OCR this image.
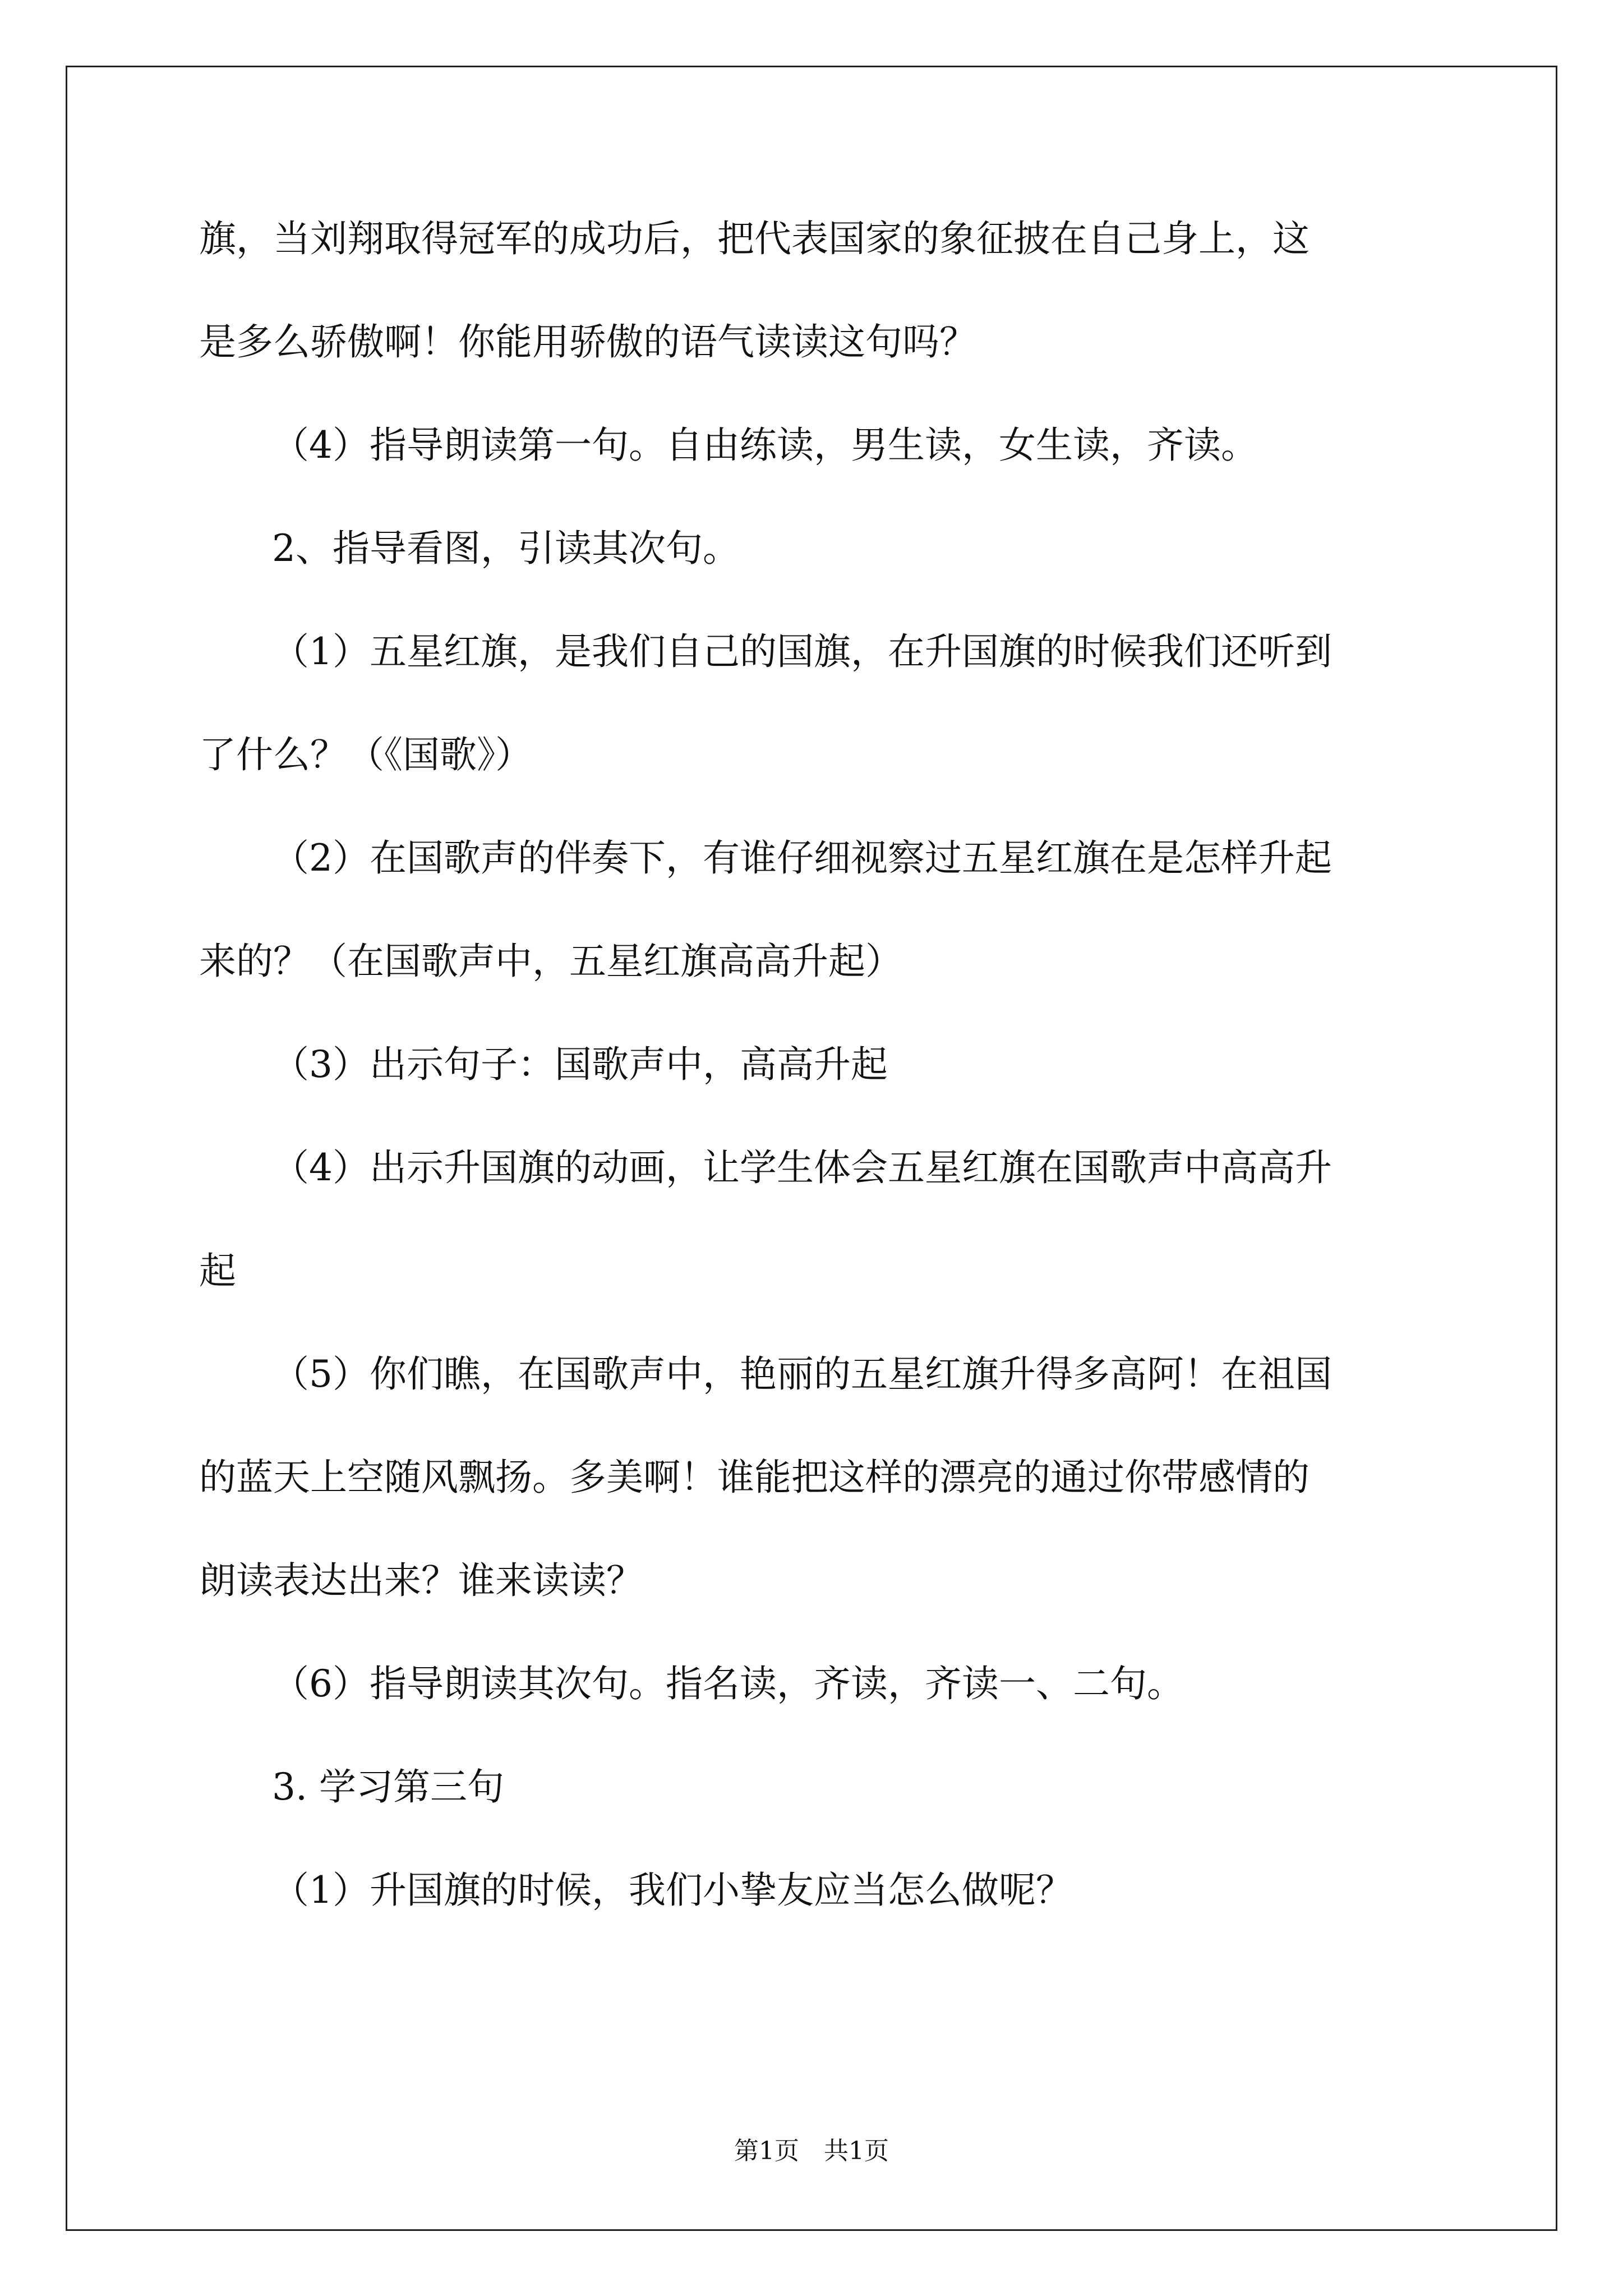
旗，当刘翔取得冠军的成功后，把代表国家的象征披在自己身上，这
是多么骄傲啊！你能用骄傲的语气读读这句吗？
（4）指导朗读第一句。自由练读，男生读，女生读，齐读。
2、指导看图，引读其次句。
（1）五星红旗，是我们自己的国旗，在升国旗的时候我们还听到
了什么？（《国歌》）
（2）在国歌声的伴奏下，有谁仔细视察过五星红旗在是怎样升起
来的？（在国歌声中，五星红旗高高升起）
（3）出示句子：国歌声中，高高升起
（4）出示升国旗的动画，让学生体会五星红旗在国歌声中高高升
起
（5）你们瞧，在国歌声中，艳丽的五星红旗升得多高阿！在祖国
的蓝天上空随风飘扬。多美啊！谁能把这样的漂亮的通过你带感情的
朗读表达出来？谁来读读？
（6）指导朗读其次句。指名读，齐读，齐读一、二句。
3. 学习第三句
（1）升国旗的时候，我们小挚友应当怎么做呢？
第1页　共1页
